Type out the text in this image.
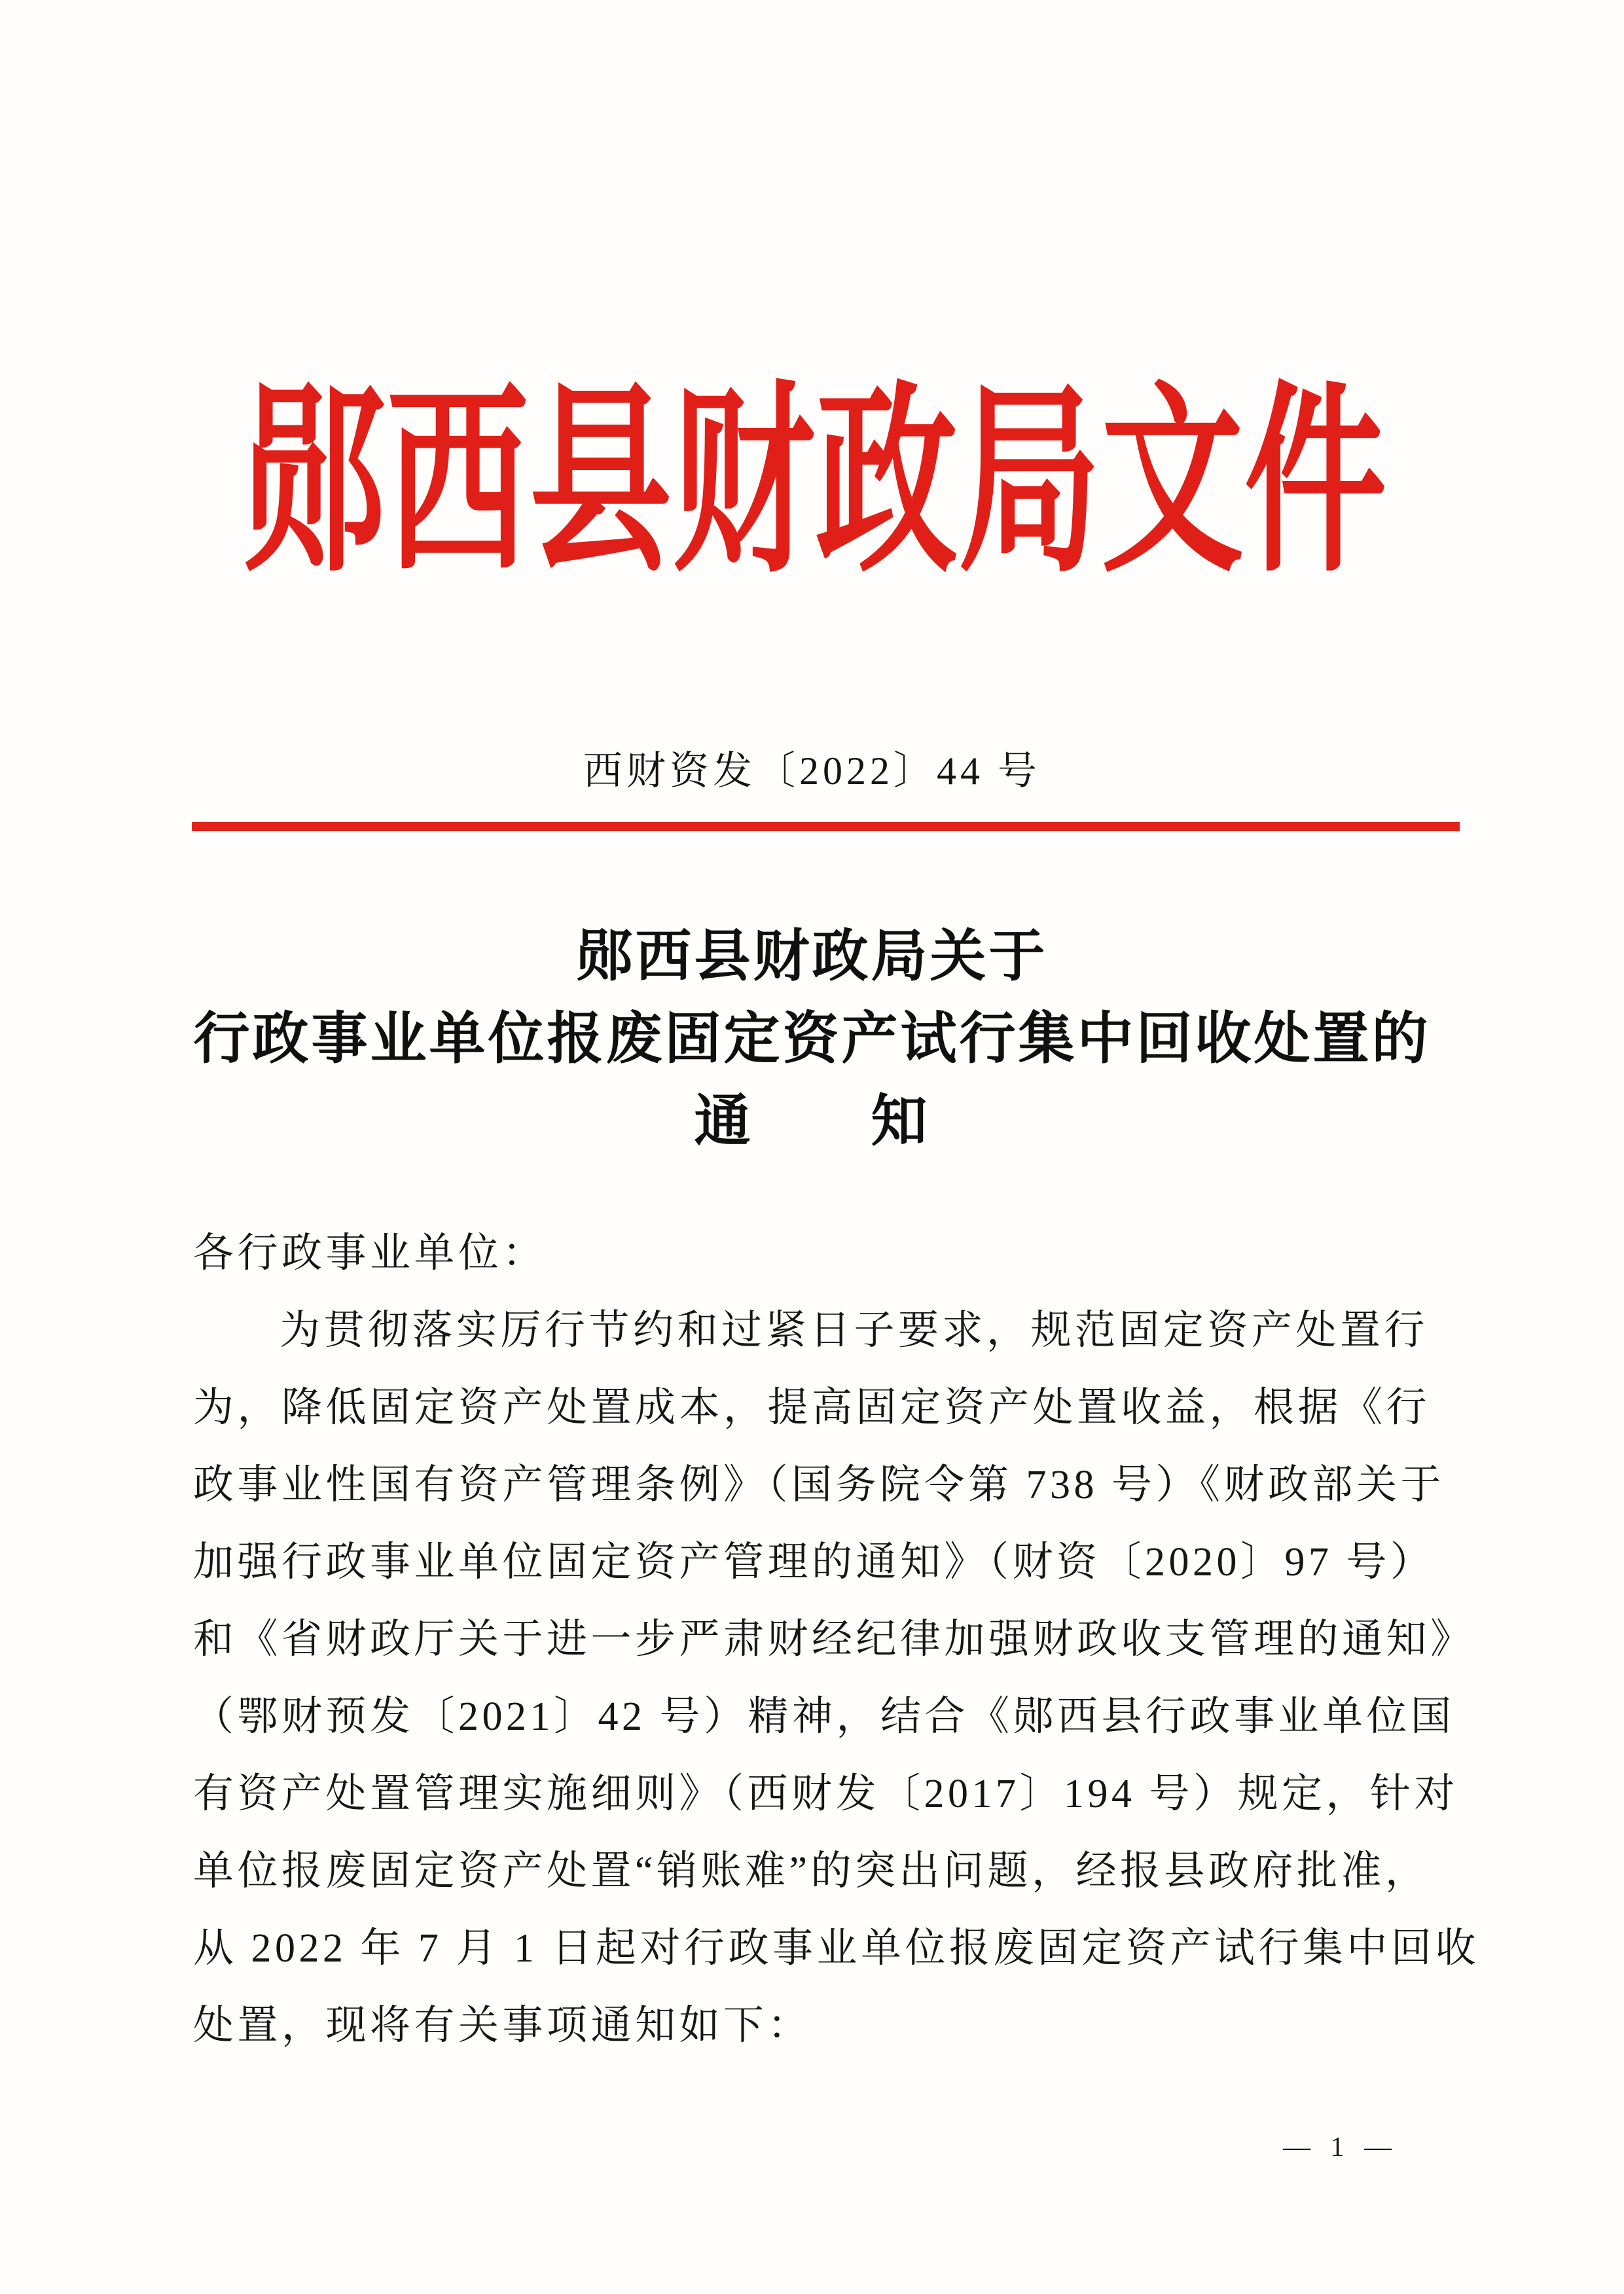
郧西县财政局文件
西财资发〔2022〕44 号
郧西县财政局关于
行政事业单位报废固定资产试行集中回收处置的
通　　知
各行政事业单位：
为贯彻落实厉行节约和过紧日子要求，规范固定资产处置行
为，降低固定资产处置成本，提高固定资产处置收益，根据《行
政事业性国有资产管理条例》（国务院令第 738 号）《财政部关于
加强行政事业单位固定资产管理的通知》（财资〔2020〕97 号）
和《省财政厅关于进一步严肃财经纪律加强财政收支管理的通知》
（鄂财预发〔2021〕42 号）精神，结合《郧西县行政事业单位国
有资产处置管理实施细则》（西财发〔2017〕194 号）规定，针对
单位报废固定资产处置“销账难”的突出问题，经报县政府批准，
从 2022 年 7 月 1 日起对行政事业单位报废固定资产试行集中回收
处置，现将有关事项通知如下：
— 1 —
